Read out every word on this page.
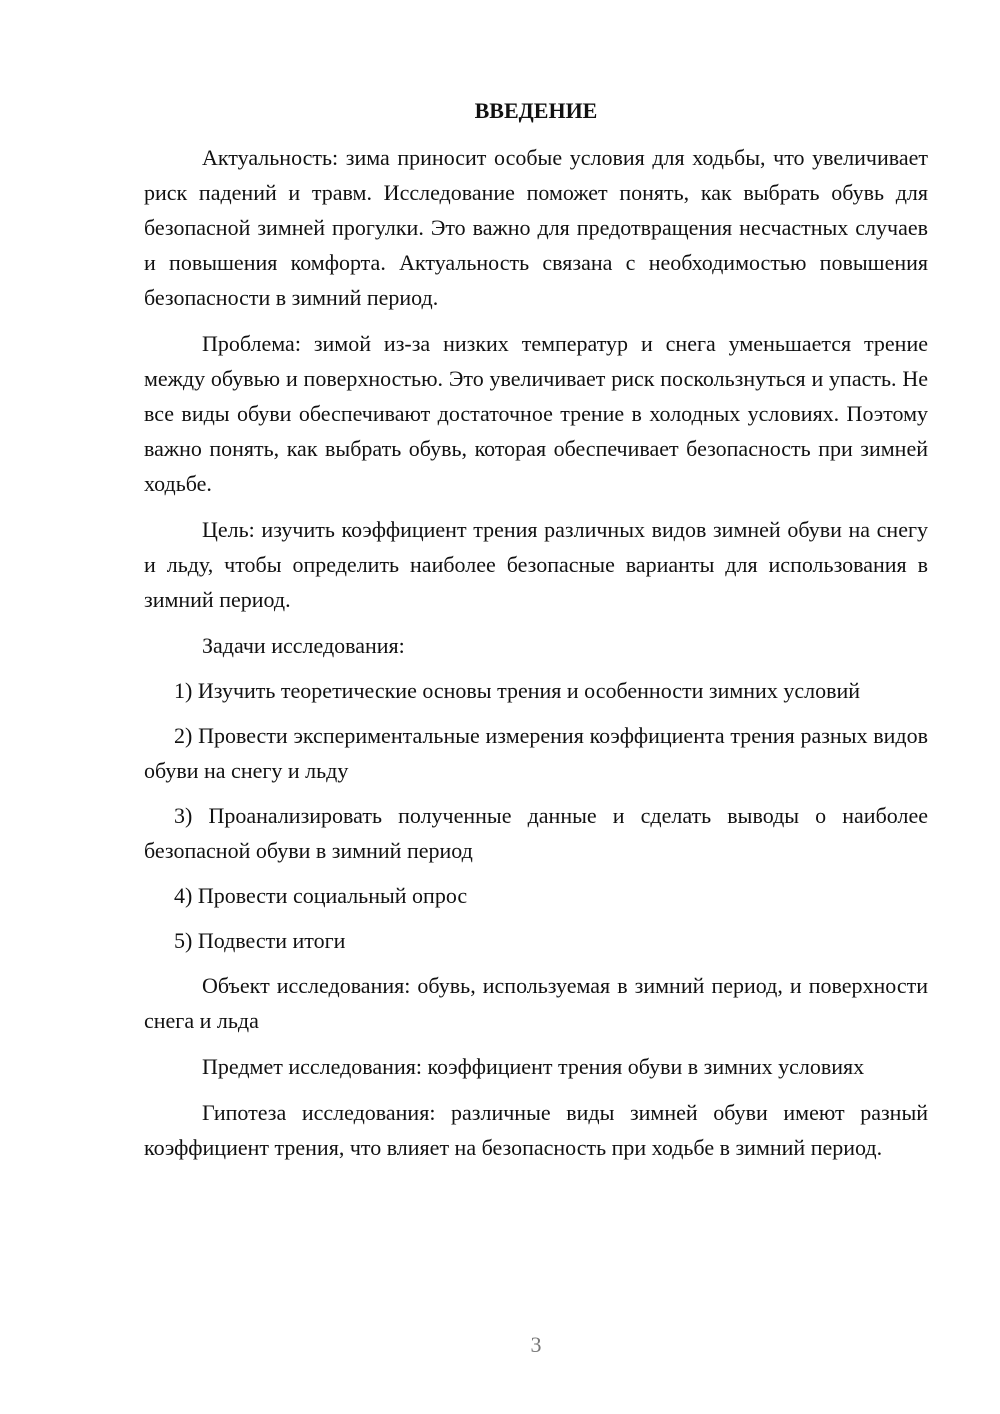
ВВЕДЕНИЕ

Актуальность: зима приносит особые условия для ходьбы, что увеличивает риск падений и травм. Исследование поможет понять, как выбрать обувь для безопасной зимней прогулки. Это важно для предотвращения несчастных случаев и повышения комфорта. Актуальность связана с необходимостью повышения безопасности в зимний период.

Проблема: зимой из-за низких температур и снега уменьшается трение между обувью и поверхностью. Это увеличивает риск поскользнуться и упасть. Не все виды обуви обеспечивают достаточное трение в холодных условиях. Поэтому важно понять, как выбрать обувь, которая обеспечивает безопасность при зимней ходьбе.

Цель: изучить коэффициент трения различных видов зимней обуви на снегу и льду, чтобы определить наиболее безопасные варианты для использования в зимний период.

Задачи исследования:

1) Изучить теоретические основы трения и особенности зимних условий

2) Провести экспериментальные измерения коэффициента трения разных видов обуви на снегу и льду

3) Проанализировать полученные данные и сделать выводы о наиболее безопасной обуви в зимний период

4) Провести социальный опрос

5) Подвести итоги

Объект исследования: обувь, используемая в зимний период, и поверхности снега и льда

Предмет исследования: коэффициент трения обуви в зимних условиях

Гипотеза исследования: различные виды зимней обуви имеют разный коэффициент трения, что влияет на безопасность при ходьбе в зимний период.

3
